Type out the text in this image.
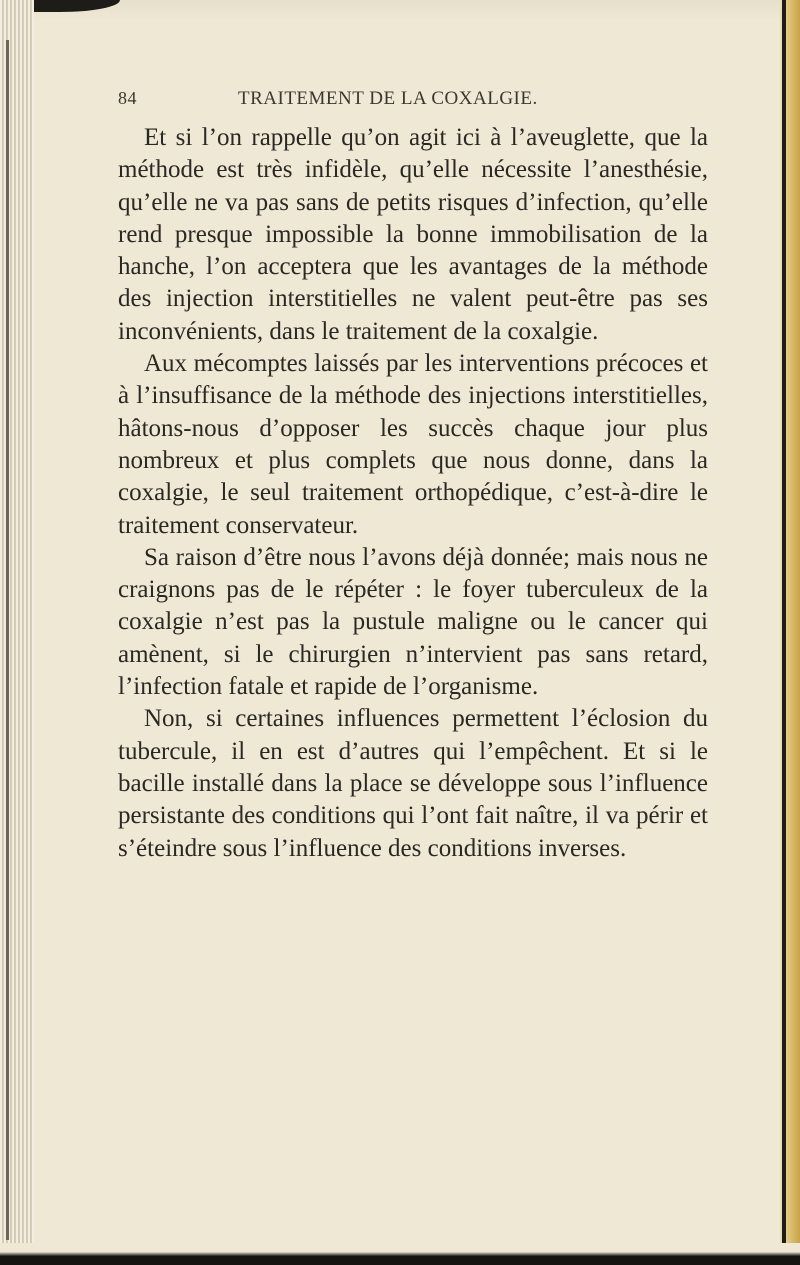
84	TRAITEMENT DE LA COXALGIE.

Et si l’on rappelle qu’on agit ici à l’aveuglette, que la méthode est très infidèle, qu’elle nécessite l’anesthésie, qu’elle ne va pas sans de petits risques d’infection, qu’elle rend presque impossible la bonne immobilisation de la hanche, l’on acceptera que les avantages de la méthode des injection interstitielles ne valent peut-être pas ses inconvénients, dans le traitement de la coxalgie.

Aux mécomptes laissés par les interventions précoces et à l’insuffisance de la méthode des injections interstitielles, hâtons-nous d’opposer les succès chaque jour plus nombreux et plus complets que nous donne, dans la coxalgie, le seul traitement orthopédique, c’est-à-dire le traitement conservateur.

Sa raison d’être nous l’avons déjà donnée; mais nous ne craignons pas de le répéter : le foyer tuberculeux de la coxalgie n’est pas la pustule maligne ou le cancer qui amènent, si le chirurgien n’intervient pas sans retard, l’infection fatale et rapide de l’organisme.

Non, si certaines influences permettent l’éclosion du tubercule, il en est d’autres qui l’empêchent. Et si le bacille installé dans la place se développe sous l’influence persistante des conditions qui l’ont fait naître, il va périr et s’éteindre sous l’influence des conditions inverses.
